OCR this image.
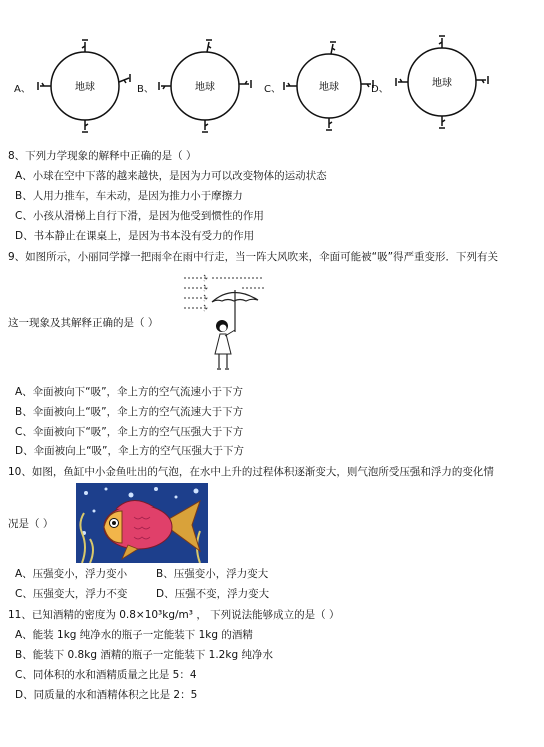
A、	地球	B、	地球	C、	地球	D、
地球
8、下列力学现象的解释中正确的是（ ）
A、小球在空中下落的越来越快，是因为力可以改变物体的运动状态
B、人用力推车，车未动，是因为推力小于摩擦力
C、小孩从滑梯上自行下滑，是因为他受到惯性的作用
D、书本静止在课桌上，是因为书本没有受力的作用
9、如图所示，小丽同学撑一把雨伞在雨中行走，当一阵大风吹来，伞面可能被“吸”得严重变形．下列有关
这一现象及其解释正确的是（ ）
A、伞面被向下“吸”，伞上方的空气流速小于下方
B、伞面被向上“吸”，伞上方的空气流速大于下方
C、伞面被向下“吸”，伞上方的空气压强大于下方
D、伞面被向上“吸”，伞上方的空气压强大于下方
10、如图，鱼缸中小金鱼吐出的气泡，在水中上升的过程体积逐渐变大，则气泡所受压强和浮力的变化情
况是（ ）
A、压强变小，浮力变小	B、压强变小，浮力变大
C、压强变大，浮力不变	D、压强不变，浮力变大
11、已知酒精的密度为 0.8×10³kg/m³ ， 下列说法能够成立的是（ ）
A、能装 1kg 纯净水的瓶子一定能装下 1kg 的酒精
B、能装下 0.8kg 酒精的瓶子一定能装下 1.2kg 纯净水
C、同体积的水和酒精质量之比是 5：4
D、同质量的水和酒精体积之比是 2：5
